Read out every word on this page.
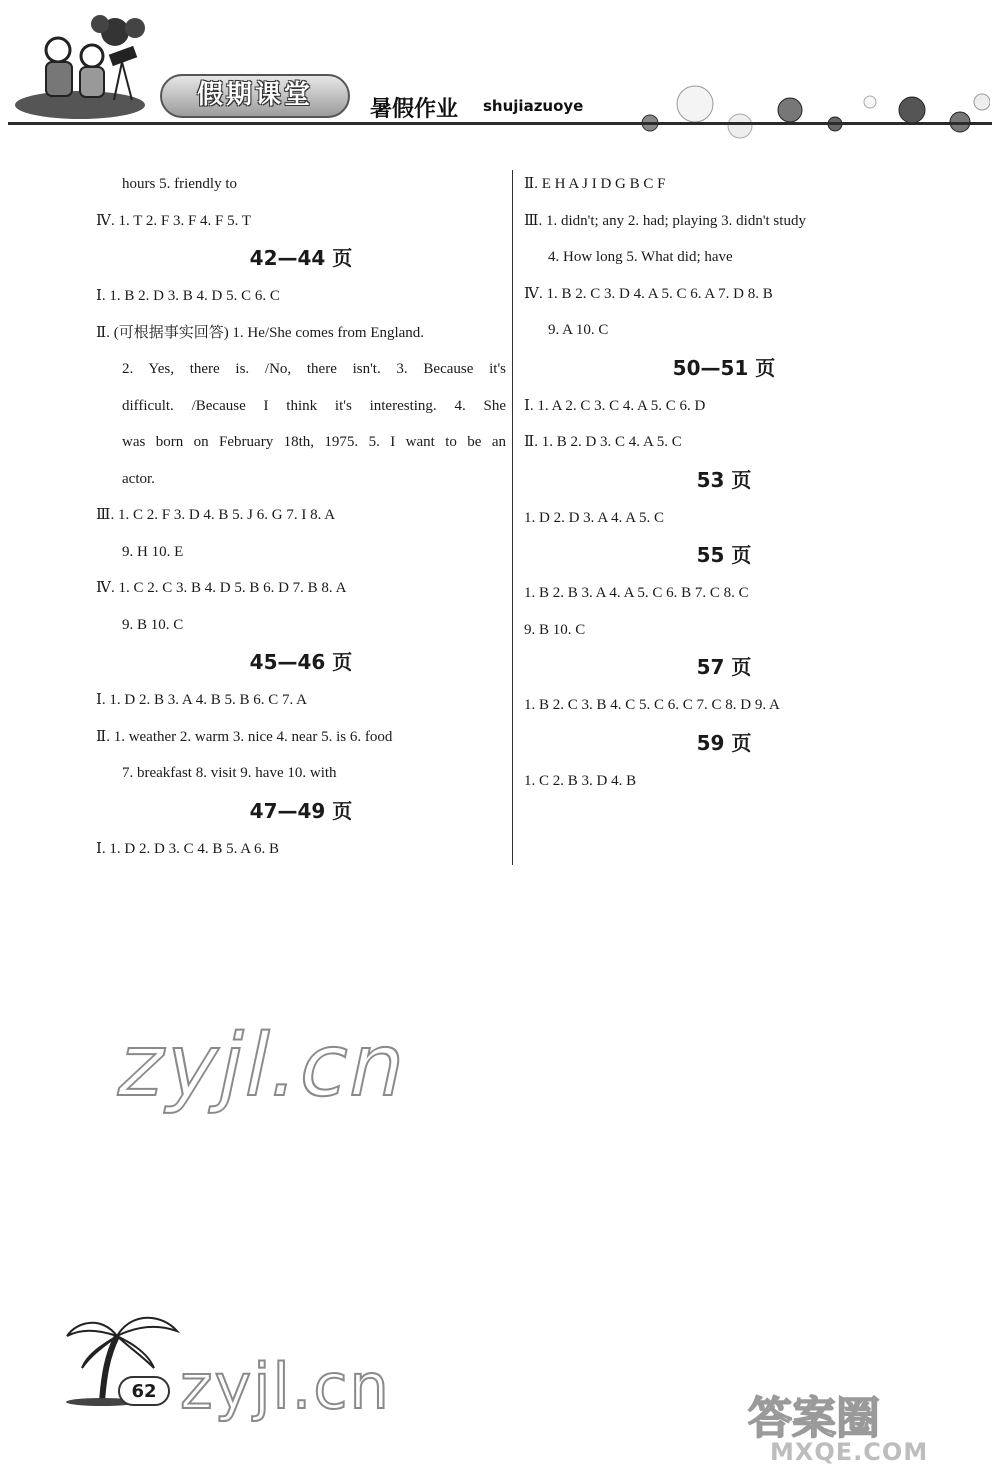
假期课堂	暑假作业 shujiazuoye
hours 5. friendly to
Ⅳ. 1. T 2. F 3. F 4. F 5. T
42—44 页
Ⅰ. 1. B 2. D 3. B 4. D 5. C 6. C
Ⅱ. (可根据事实回答) 1. He/She comes from England.
2. Yes, there is. /No, there isn't. 3. Because it's
difficult. /Because I think it's interesting. 4. She
was born on February 18th, 1975. 5. I want to be an
actor.
Ⅲ. 1. C 2. F 3. D 4. B 5. J 6. G 7. I 8. A
9. H 10. E
Ⅳ. 1. C 2. C 3. B 4. D 5. B 6. D 7. B 8. A
9. B 10. C
45—46 页
Ⅰ. 1. D 2. B 3. A 4. B 5. B 6. C 7. A
Ⅱ. 1. weather 2. warm 3. nice 4. near 5. is 6. food
7. breakfast 8. visit 9. have 10. with
47—49 页
Ⅰ. 1. D 2. D 3. C 4. B 5. A 6. B
Ⅱ. E H A J I D G B C F
Ⅲ. 1. didn't; any 2. had; playing 3. didn't study
4. How long 5. What did; have
Ⅳ. 1. B 2. C 3. D 4. A 5. C 6. A 7. D 8. B
9. A 10. C
50—51 页
Ⅰ. 1. A 2. C 3. C 4. A 5. C 6. D
Ⅱ. 1. B 2. D 3. C 4. A 5. C
53 页
1. D 2. D 3. A 4. A 5. C
55 页
1. B 2. B 3. A 4. A 5. C 6. B 7. C 8. C
9. B 10. C
57 页
1. B 2. C 3. B 4. C 5. C 6. C 7. C 8. D 9. A
59 页
1. C 2. B 3. D 4. B
zyjl.cn
62 zyjl.cn	答案圈
MXQE.COM
